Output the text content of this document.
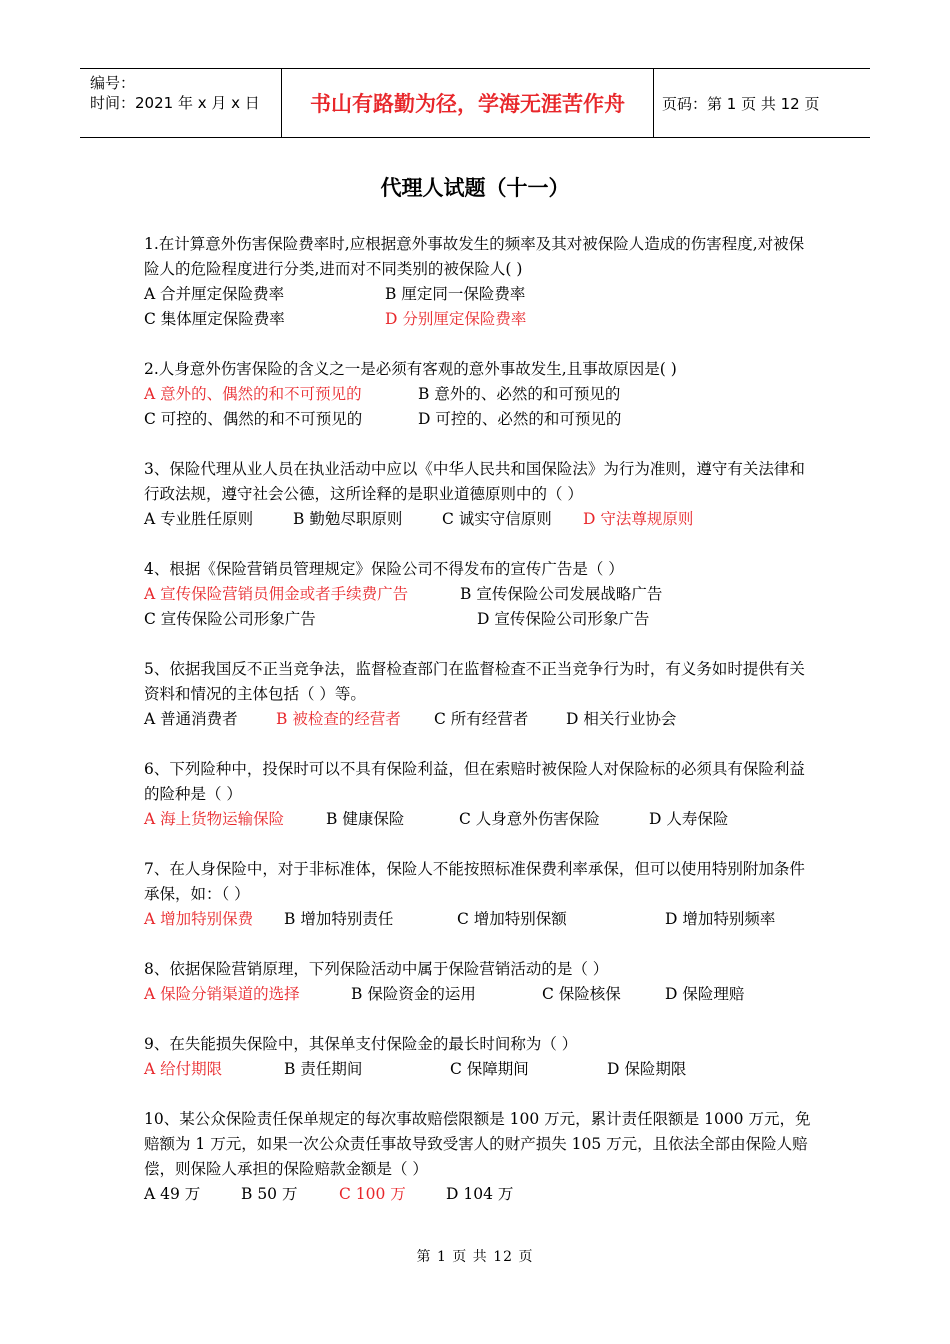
编号：
时间：2021 年 x 月 x 日	书山有路勤为径，学海无涯苦作舟	页码：第 1 页 共 12 页
代理人试题（十一）

1.在计算意外伤害保险费率时,应根据意外事故发生的频率及其对被保险人造成的伤害程度,对被保险人的危险程度进行分类,进而对不同类别的被保险人( )

A 合并厘定保险费率	B 厘定同一保险费率
C 集体厘定保险费率	D 分别厘定保险费率

2.人身意外伤害保险的含义之一是必须有客观的意外事故发生,且事故原因是( )

A 意外的、偶然的和不可预见的	B 意外的、必然的和可预见的
C 可控的、偶然的和不可预见的	D 可控的、必然的和可预见的

3、保险代理从业人员在执业活动中应以《中华人民共和国保险法》为行为准则，遵守有关法律和行政法规，遵守社会公德，这所诠释的是职业道德原则中的（ ）

A 专业胜任原则	B 勤勉尽职原则	C 诚实守信原则 D 守法尊规原则

4、根据《保险营销员管理规定》保险公司不得发布的宣传广告是（ ）

A 宣传保险营销员佣金或者手续费广告	B 宣传保险公司发展战略广告
C 宣传保险公司形象广告	D 宣传保险公司形象广告

5、依据我国反不正当竞争法，监督检查部门在监督检查不正当竞争行为时，有义务如时提供有关资料和情况的主体包括（ ）等。

A 普通消费者 B 被检查的经营者 C 所有经营者 D 相关行业协会

6、下列险种中，投保时可以不具有保险利益，但在索赔时被保险人对保险标的必须具有保险利益的险种是（ ）

A 海上货物运输保险	B 健康保险	C 人身意外伤害保险	D 人寿保险

7、在人身保险中，对于非标准体，保险人不能按照标准保费利率承保，但可以使用特别附加条件承保，如：（ ）

A 增加特别保费 B 增加特别责任	C 增加特别保额	D 增加特别频率

8、依据保险营销原理，下列保险活动中属于保险营销活动的是（ ）

A 保险分销渠道的选择	B 保险资金的运用	C 保险核保	D 保险理赔

9、在失能损失保险中，其保单支付保险金的最长时间称为（ ）

A 给付期限	B 责任期间	C 保障期间	D 保险期限

10、某公众保险责任保单规定的每次事故赔偿限额是 100 万元，累计责任限额是 1000 万元，免赔额为 1 万元，如果一次公众责任事故导致受害人的财产损失 105 万元，且依法全部由保险人赔偿，则保险人承担的保险赔款金额是（ ）

A 49 万	B 50 万	C 100 万	D 104 万
第 1 页 共 12 页
